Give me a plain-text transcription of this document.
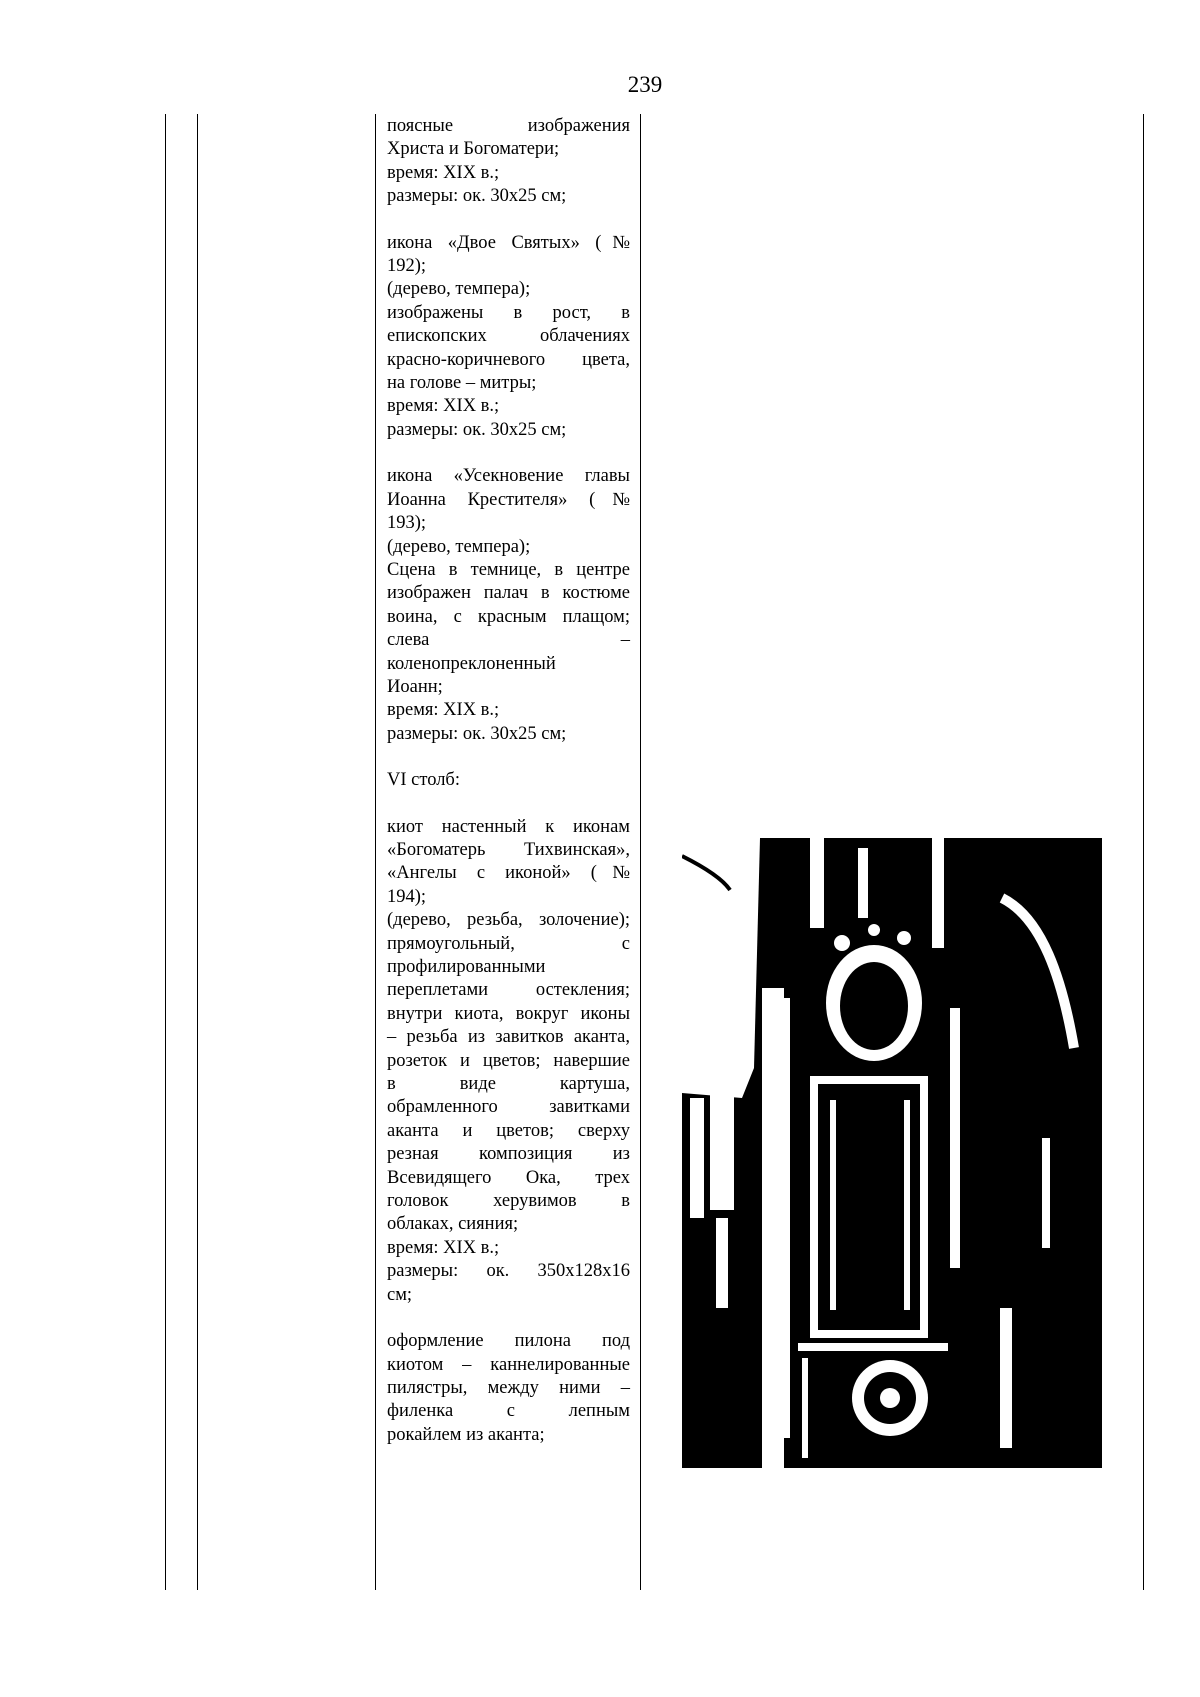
239

поясные изображения

Христа и Богоматери;

время: XIX в.;

размеры: ок. 30х25 см;

икона «Двое Святых» (№

192);

(дерево, темпера);

изображены в рост, в

епископских облачениях

красно-коричневого цвета,

на голове – митры;

время: XIX в.;

размеры: ок. 30х25 см;

икона «Усекновение главы

Иоанна Крестителя» (№

193);

(дерево, темпера);

Сцена в темнице, в центре

изображен палач в костюме

воина, с красным плащом;

слева –

коленопреклоненный

Иоанн;

время: XIX в.;

размеры: ок. 30х25 см;

VI столб:

киот настенный к иконам

«Богоматерь Тихвинская»,

«Ангелы с иконой» (№

194);

(дерево, резьба, золочение);

прямоугольный, с

профилированными

переплетами остекления;

внутри киота, вокруг иконы

– резьба из завитков аканта,

розеток и цветов; навершие

в виде картуша,

обрамленного завитками

аканта и цветов; сверху

резная композиция из

Всевидящего Ока, трех

головок херувимов в

облаках, сияния;

время: XIX в.;

размеры: ок. 350х128х16

см;

оформление пилона под

киотом – каннелированные

пилястры, между ними –

филенка с лепным

рокайлем из аканта;
